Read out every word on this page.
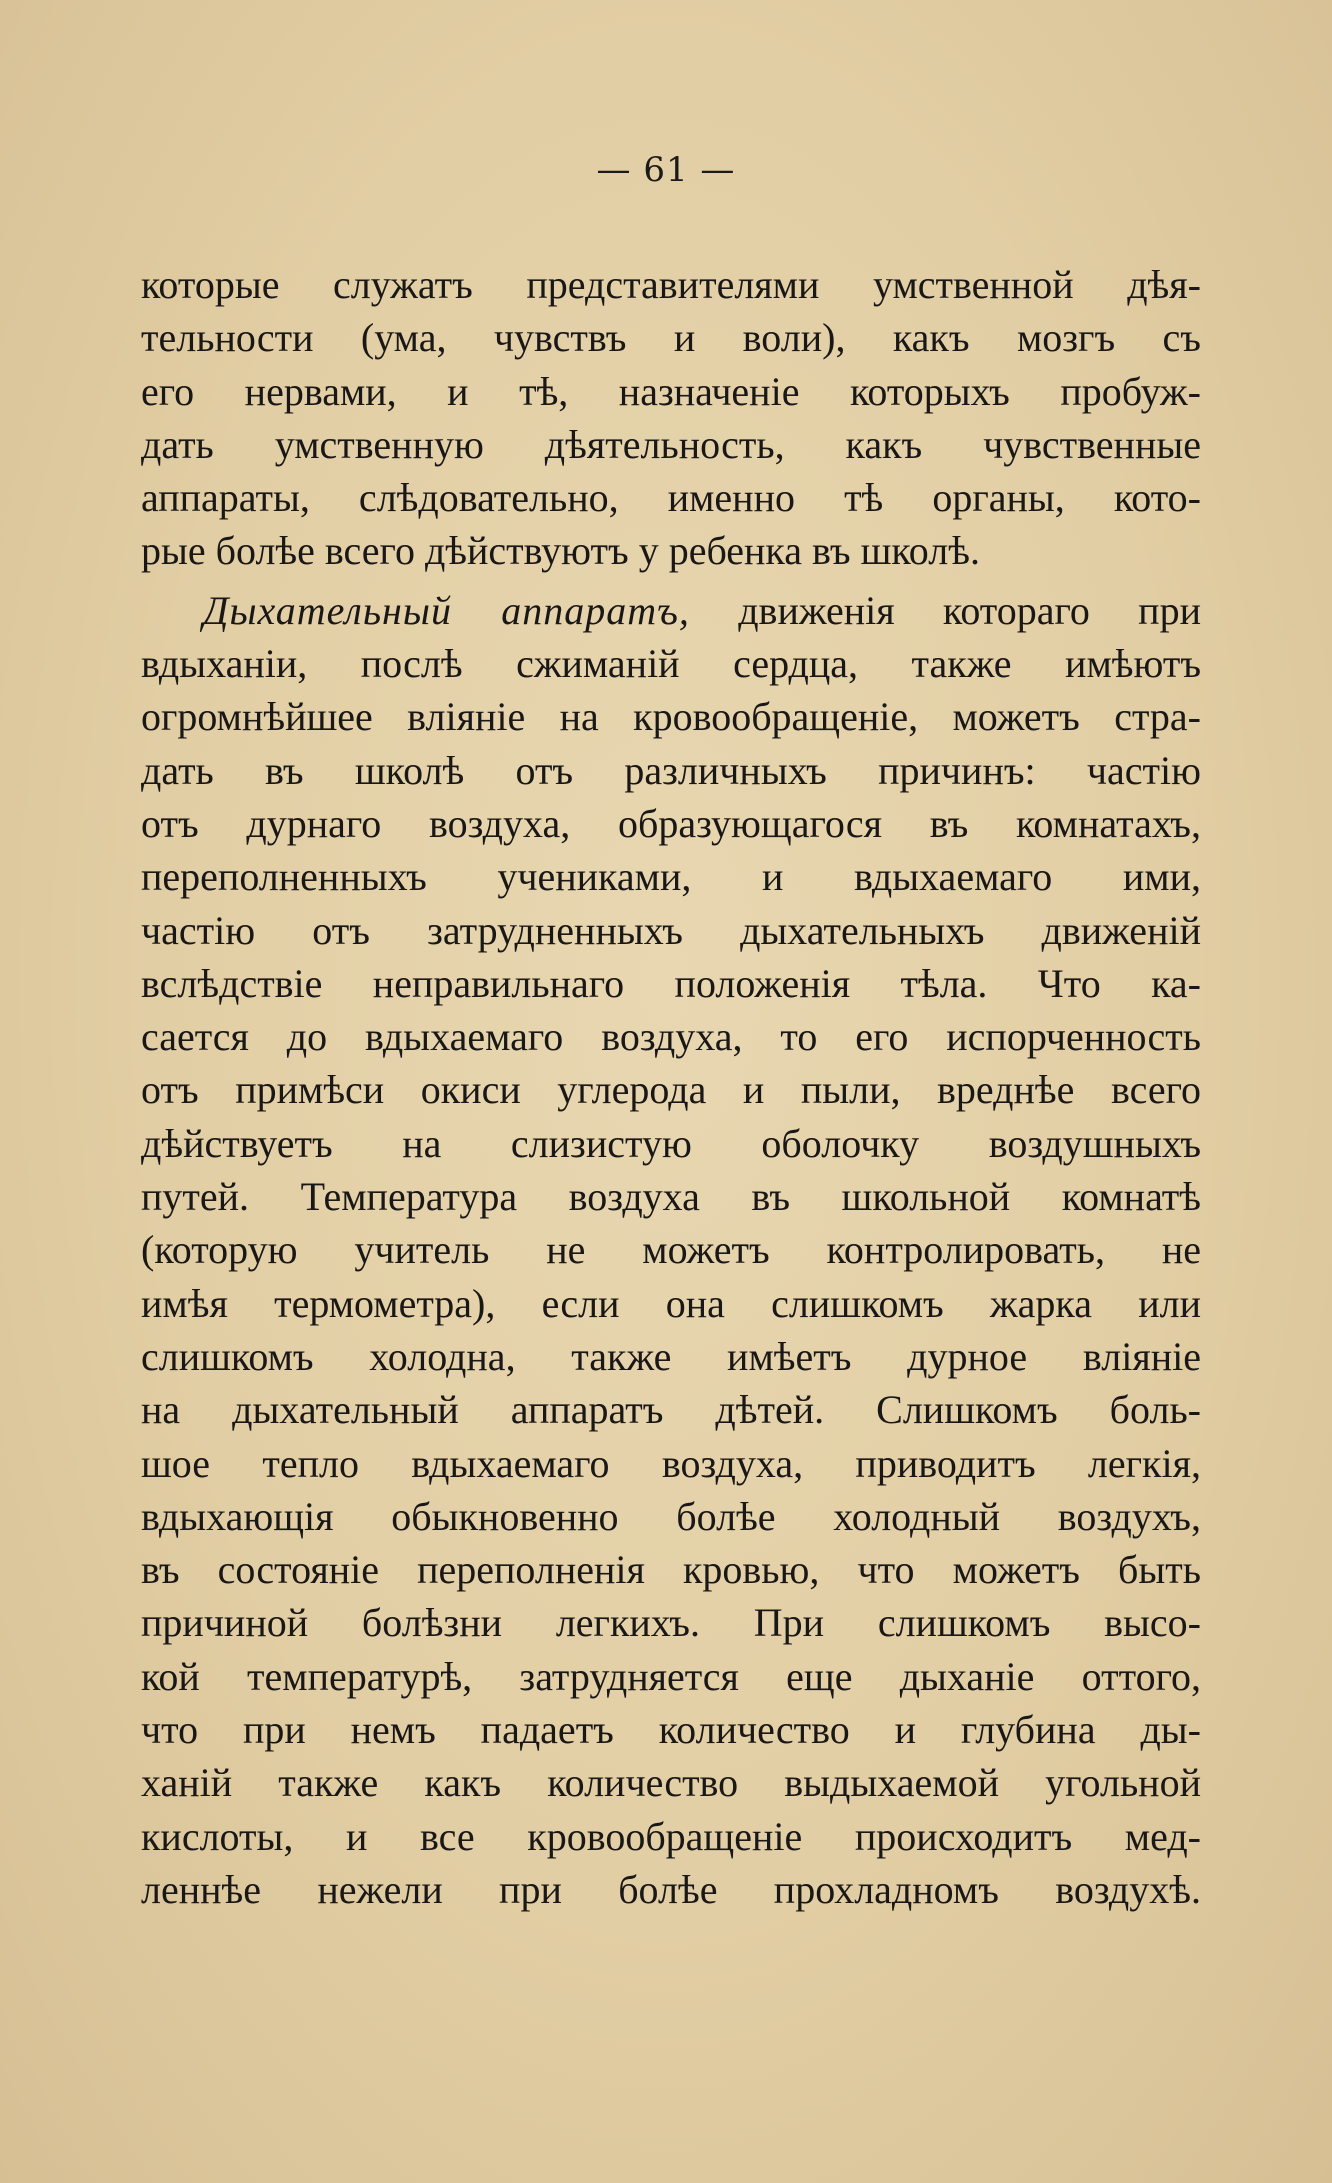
— 61 —
которые служатъ представителями умственной дѣя-
тельности (ума, чувствъ и воли), какъ мозгъ съ
его нервами, и тѣ, назначеніе которыхъ пробуж-
дать умственную дѣятельность, какъ чувственные
аппараты, слѣдовательно, именно тѣ органы, кото-
рые болѣе всего дѣйствуютъ у ребенка въ школѣ.
Дыхательный аппаратъ, движенія котораго при
вдыханіи, послѣ сжиманій сердца, также имѣютъ
огромнѣйшее вліяніе на кровообращеніе, можетъ стра-
дать въ школѣ отъ различныхъ причинъ: частію
отъ дурнаго воздуха, образующагося въ комнатахъ,
переполненныхъ учениками, и вдыхаемаго ими,
частію отъ затрудненныхъ дыхательныхъ движеній
вслѣдствіе неправильнаго положенія тѣла. Что ка-
сается до вдыхаемаго воздуха, то его испорченность
отъ примѣси окиси углерода и пыли, вреднѣе всего
дѣйствуетъ на слизистую оболочку воздушныхъ
путей. Температура воздуха въ школьной комнатѣ
(которую учитель не можетъ контролировать, не
имѣя термометра), если она слишкомъ жарка или
слишкомъ холодна, также имѣетъ дурное вліяніе
на дыхательный аппаратъ дѣтей. Слишкомъ боль-
шое тепло вдыхаемаго воздуха, приводитъ легкія,
вдыхающія обыкновенно болѣе холодный воздухъ,
въ состояніе переполненія кровью, что можетъ быть
причиной болѣзни легкихъ. При слишкомъ высо-
кой температурѣ, затрудняется еще дыханіе оттого,
что при немъ падаетъ количество и глубина ды-
ханій также какъ количество выдыхаемой угольной
кислоты, и все кровообращеніе происходитъ мед-
леннѣе нежели при болѣе прохладномъ воздухѣ.
